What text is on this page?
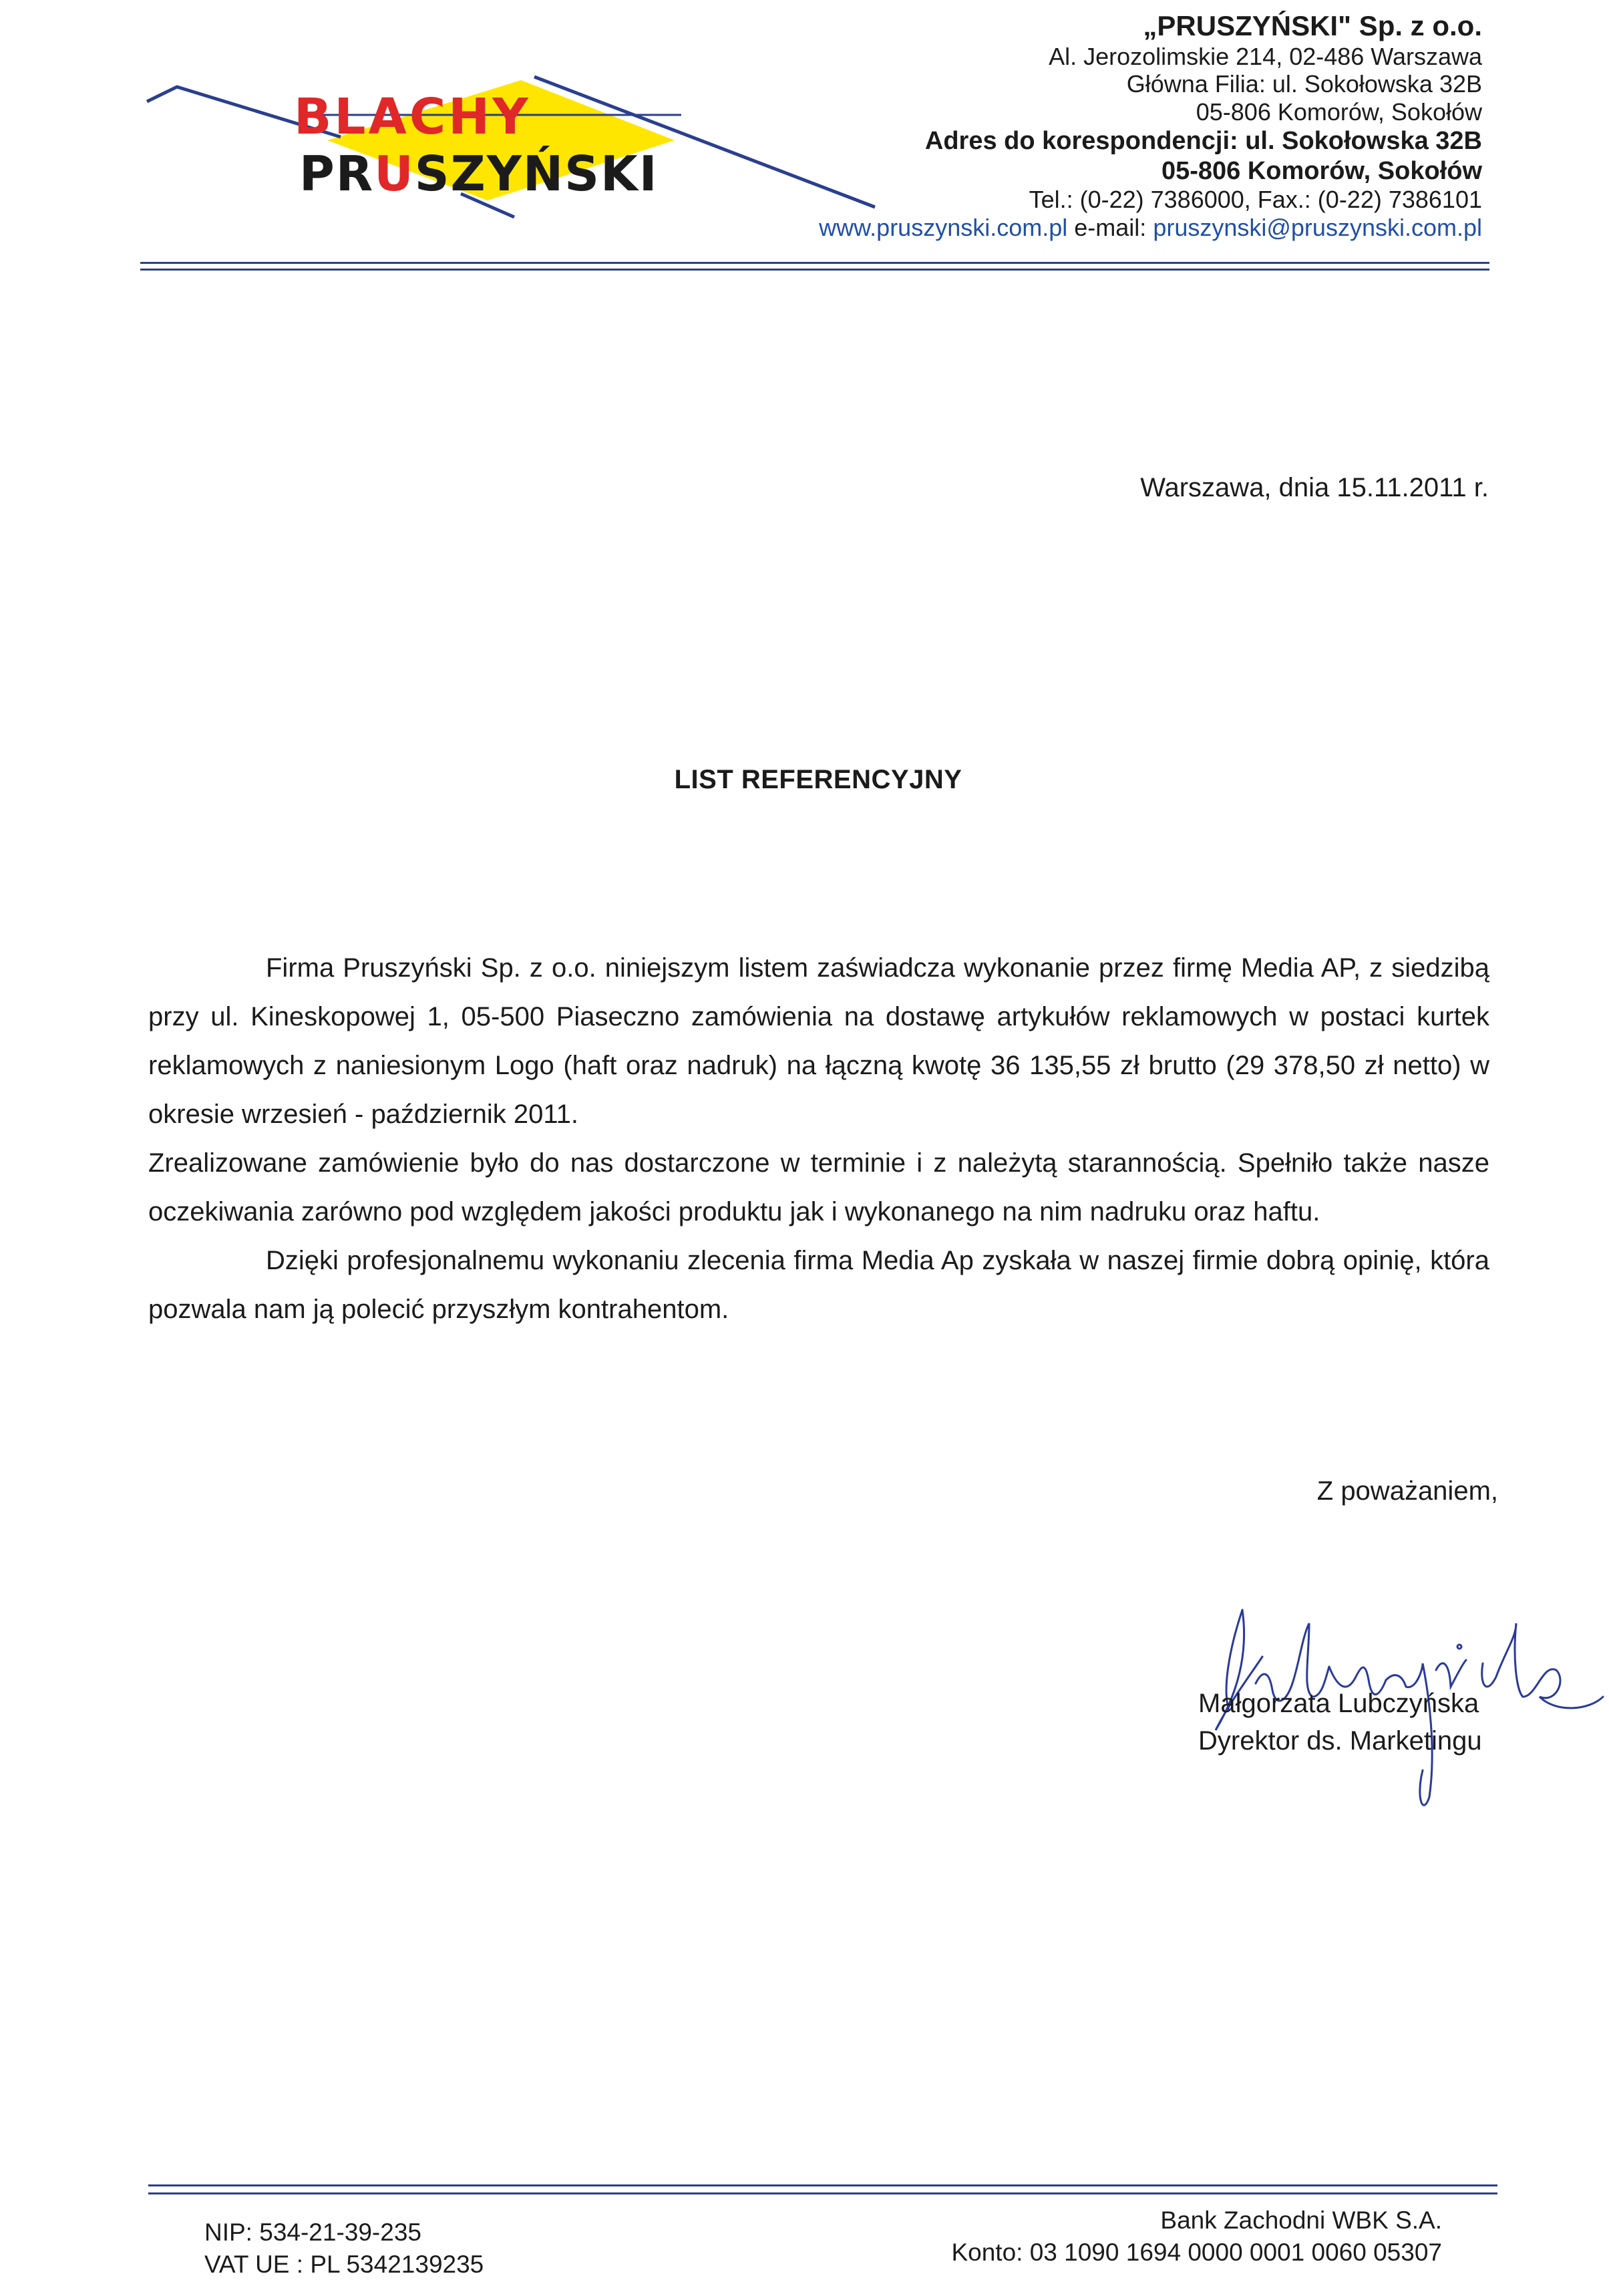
BLACHY
PRUSZYŃSKI
„PRUSZYŃSKI" Sp. z o.o.
Al. Jerozolimskie 214, 02-486 Warszawa
Główna Filia: ul. Sokołowska 32B
05-806 Komorów, Sokołów
Adres do korespondencji: ul. Sokołowska 32B
05-806 Komorów, Sokołów
Tel.: (0-22) 7386000, Fax.: (0-22) 7386101
www.pruszynski.com.pl e-mail: pruszynski@pruszynski.com.pl
Warszawa, dnia 15.11.2011 r.
LIST REFERENCYJNY

Firma Pruszyński Sp. z o.o. niniejszym listem zaświadcza wykonanie przez firmę Media AP, z siedzibą przy ul. Kineskopowej 1, 05-500 Piaseczno zamówienia na dostawę artykułów reklamowych w postaci kurtek reklamowych z naniesionym Logo (haft oraz nadruk) na łączną kwotę 36 135,55 zł brutto (29 378,50 zł netto) w okresie wrzesień - październik 2011.

Zrealizowane zamówienie było do nas dostarczone w terminie i z należytą starannością. Spełniło także nasze oczekiwania zarówno pod względem jakości produktu jak i wykonanego na nim nadruku oraz haftu.

Dzięki profesjonalnemu wykonaniu zlecenia firma Media Ap zyskała w naszej firmie dobrą opinię, która pozwala nam ją polecić przyszłym kontrahentom.

Z poważaniem,
Małgorzata Lubczyńska
Dyrektor ds. Marketingu
NIP: 534-21-39-235
VAT UE : PL 5342139235
Bank Zachodni WBK S.A.
Konto: 03 1090 1694 0000 0001 0060 05307
